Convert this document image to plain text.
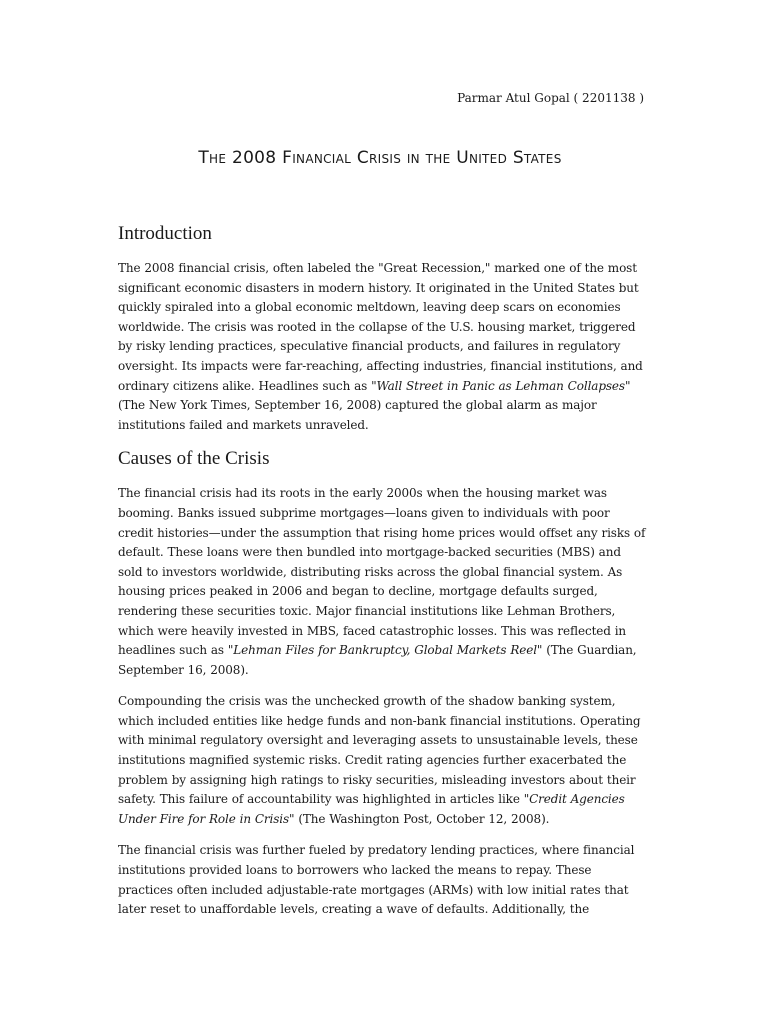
Parmar Atul Gopal ( 2201138 )
The 2008 Financial Crisis in the United States
Introduction

The 2008 financial crisis, often labeled the "Great Recession," marked one of the most significant economic disasters in modern history. It originated in the United States but quickly spiraled into a global economic meltdown, leaving deep scars on economies worldwide. The crisis was rooted in the collapse of the U.S. housing market, triggered by risky lending practices, speculative financial products, and failures in regulatory oversight. Its impacts were far-reaching, affecting industries, financial institutions, and ordinary citizens alike. Headlines such as "Wall Street in Panic as Lehman Collapses" (The New York Times, September 16, 2008) captured the global alarm as major institutions failed and markets unraveled.

Causes of the Crisis

The financial crisis had its roots in the early 2000s when the housing market was booming. Banks issued subprime mortgages—loans given to individuals with poor credit histories—under the assumption that rising home prices would offset any risks of default. These loans were then bundled into mortgage-backed securities (MBS) and sold to investors worldwide, distributing risks across the global financial system. As housing prices peaked in 2006 and began to decline, mortgage defaults surged, rendering these securities toxic. Major financial institutions like Lehman Brothers, which were heavily invested in MBS, faced catastrophic losses. This was reflected in headlines such as "Lehman Files for Bankruptcy, Global Markets Reel" (The Guardian, September 16, 2008).

Compounding the crisis was the unchecked growth of the shadow banking system, which included entities like hedge funds and non-bank financial institutions. Operating with minimal regulatory oversight and leveraging assets to unsustainable levels, these institutions magnified systemic risks. Credit rating agencies further exacerbated the problem by assigning high ratings to risky securities, misleading investors about their safety. This failure of accountability was highlighted in articles like "Credit Agencies Under Fire for Role in Crisis" (The Washington Post, October 12, 2008).

The financial crisis was further fueled by predatory lending practices, where financial institutions provided loans to borrowers who lacked the means to repay. These practices often included adjustable-rate mortgages (ARMs) with low initial rates that later reset to unaffordable levels, creating a wave of defaults. Additionally, the
